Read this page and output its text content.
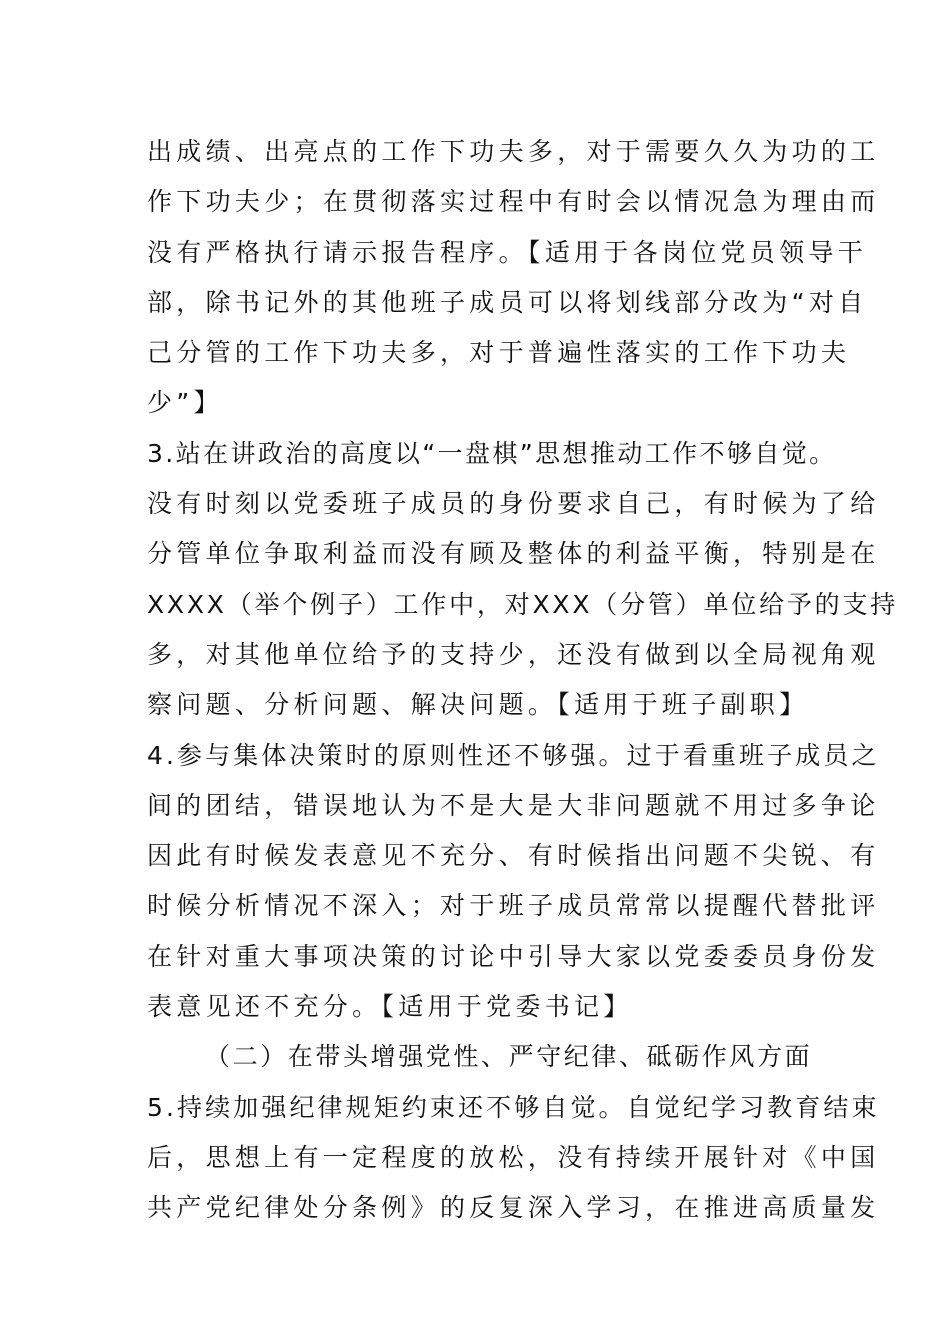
出成绩、出亮点的工作下功夫多，对于需要久久为功的工
作下功夫少；在贯彻落实过程中有时会以情况急为理由而
没有严格执行请示报告程序。【适用于各岗位党员领导干
部，除书记外的其他班子成员可以将划线部分改为“对自
己分管的工作下功夫多，对于普遍性落实的工作下功夫
少”】
3.站在讲政治的高度以“一盘棋”思想推动工作不够自觉。
没有时刻以党委班子成员的身份要求自己，有时候为了给
分管单位争取利益而没有顾及整体的利益平衡，特别是在
XXXX（举个例子）工作中，对XXX（分管）单位给予的支持
多，对其他单位给予的支持少，还没有做到以全局视角观
察问题、分析问题、解决问题。【适用于班子副职】
4.参与集体决策时的原则性还不够强。过于看重班子成员之
间的团结，错误地认为不是大是大非问题就不用过多争论
因此有时候发表意见不充分、有时候指出问题不尖锐、有
时候分析情况不深入；对于班子成员常常以提醒代替批评
在针对重大事项决策的讨论中引导大家以党委委员身份发
表意见还不充分。【适用于党委书记】
（二）在带头增强党性、严守纪律、砥砺作风方面
5.持续加强纪律规矩约束还不够自觉。自觉纪学习教育结束
后，思想上有一定程度的放松，没有持续开展针对《中国
共产党纪律处分条例》的反复深入学习，在推进高质量发
